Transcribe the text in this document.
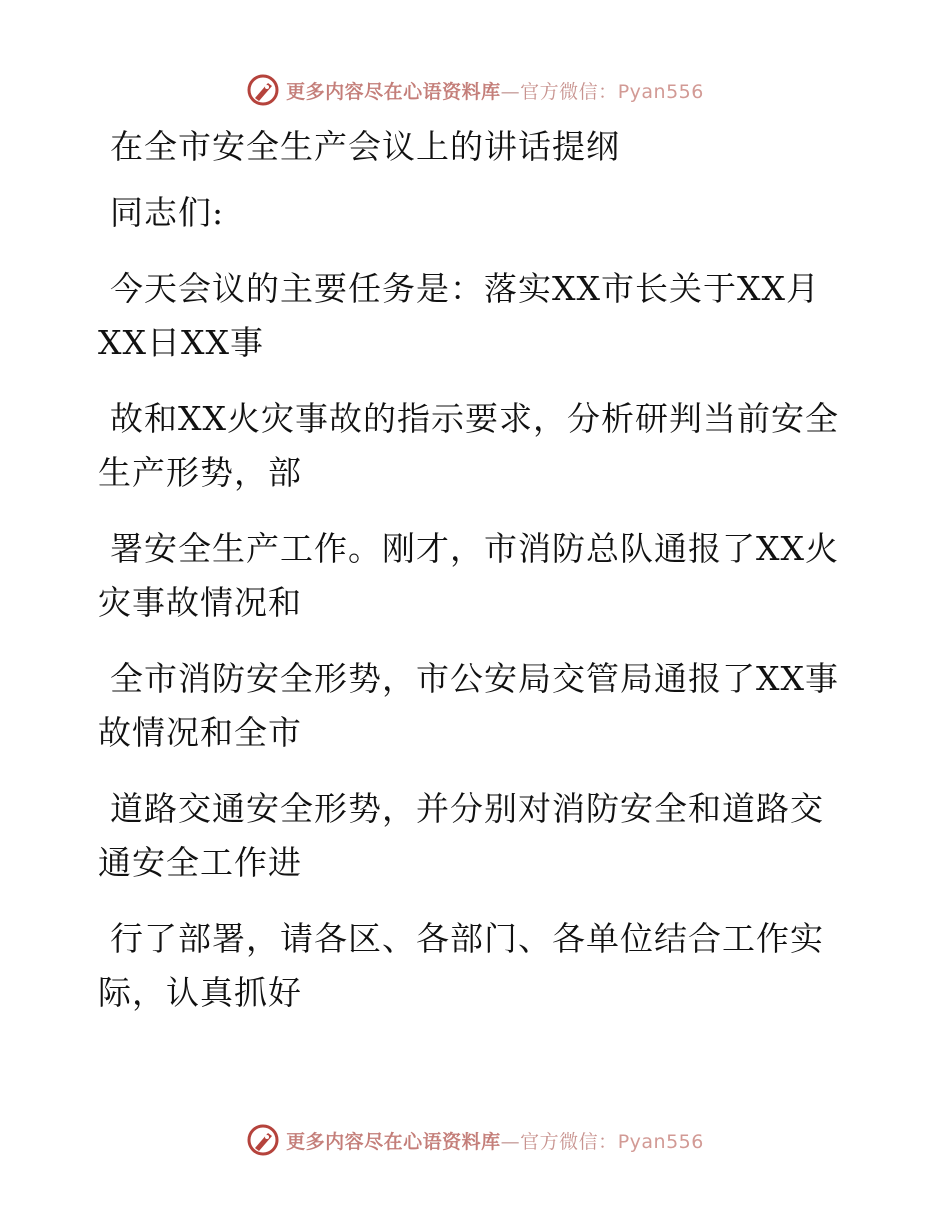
更多内容尽在心语资料库—官方微信：Pyan556
在全市安全生产会议上的讲话提纲
同志们:
今天会议的主要任务是：落实XX市长关于XX月
XX日XX事
故和XX火灾事故的指示要求，分析研判当前安全
生产形势，部
署安全生产工作。刚才，市消防总队通报了XX火
灾事故情况和
全市消防安全形势，市公安局交管局通报了XX事
故情况和全市
道路交通安全形势，并分别对消防安全和道路交
通安全工作进
行了部署，请各区、各部门、各单位结合工作实
际，认真抓好
更多内容尽在心语资料库—官方微信：Pyan556
